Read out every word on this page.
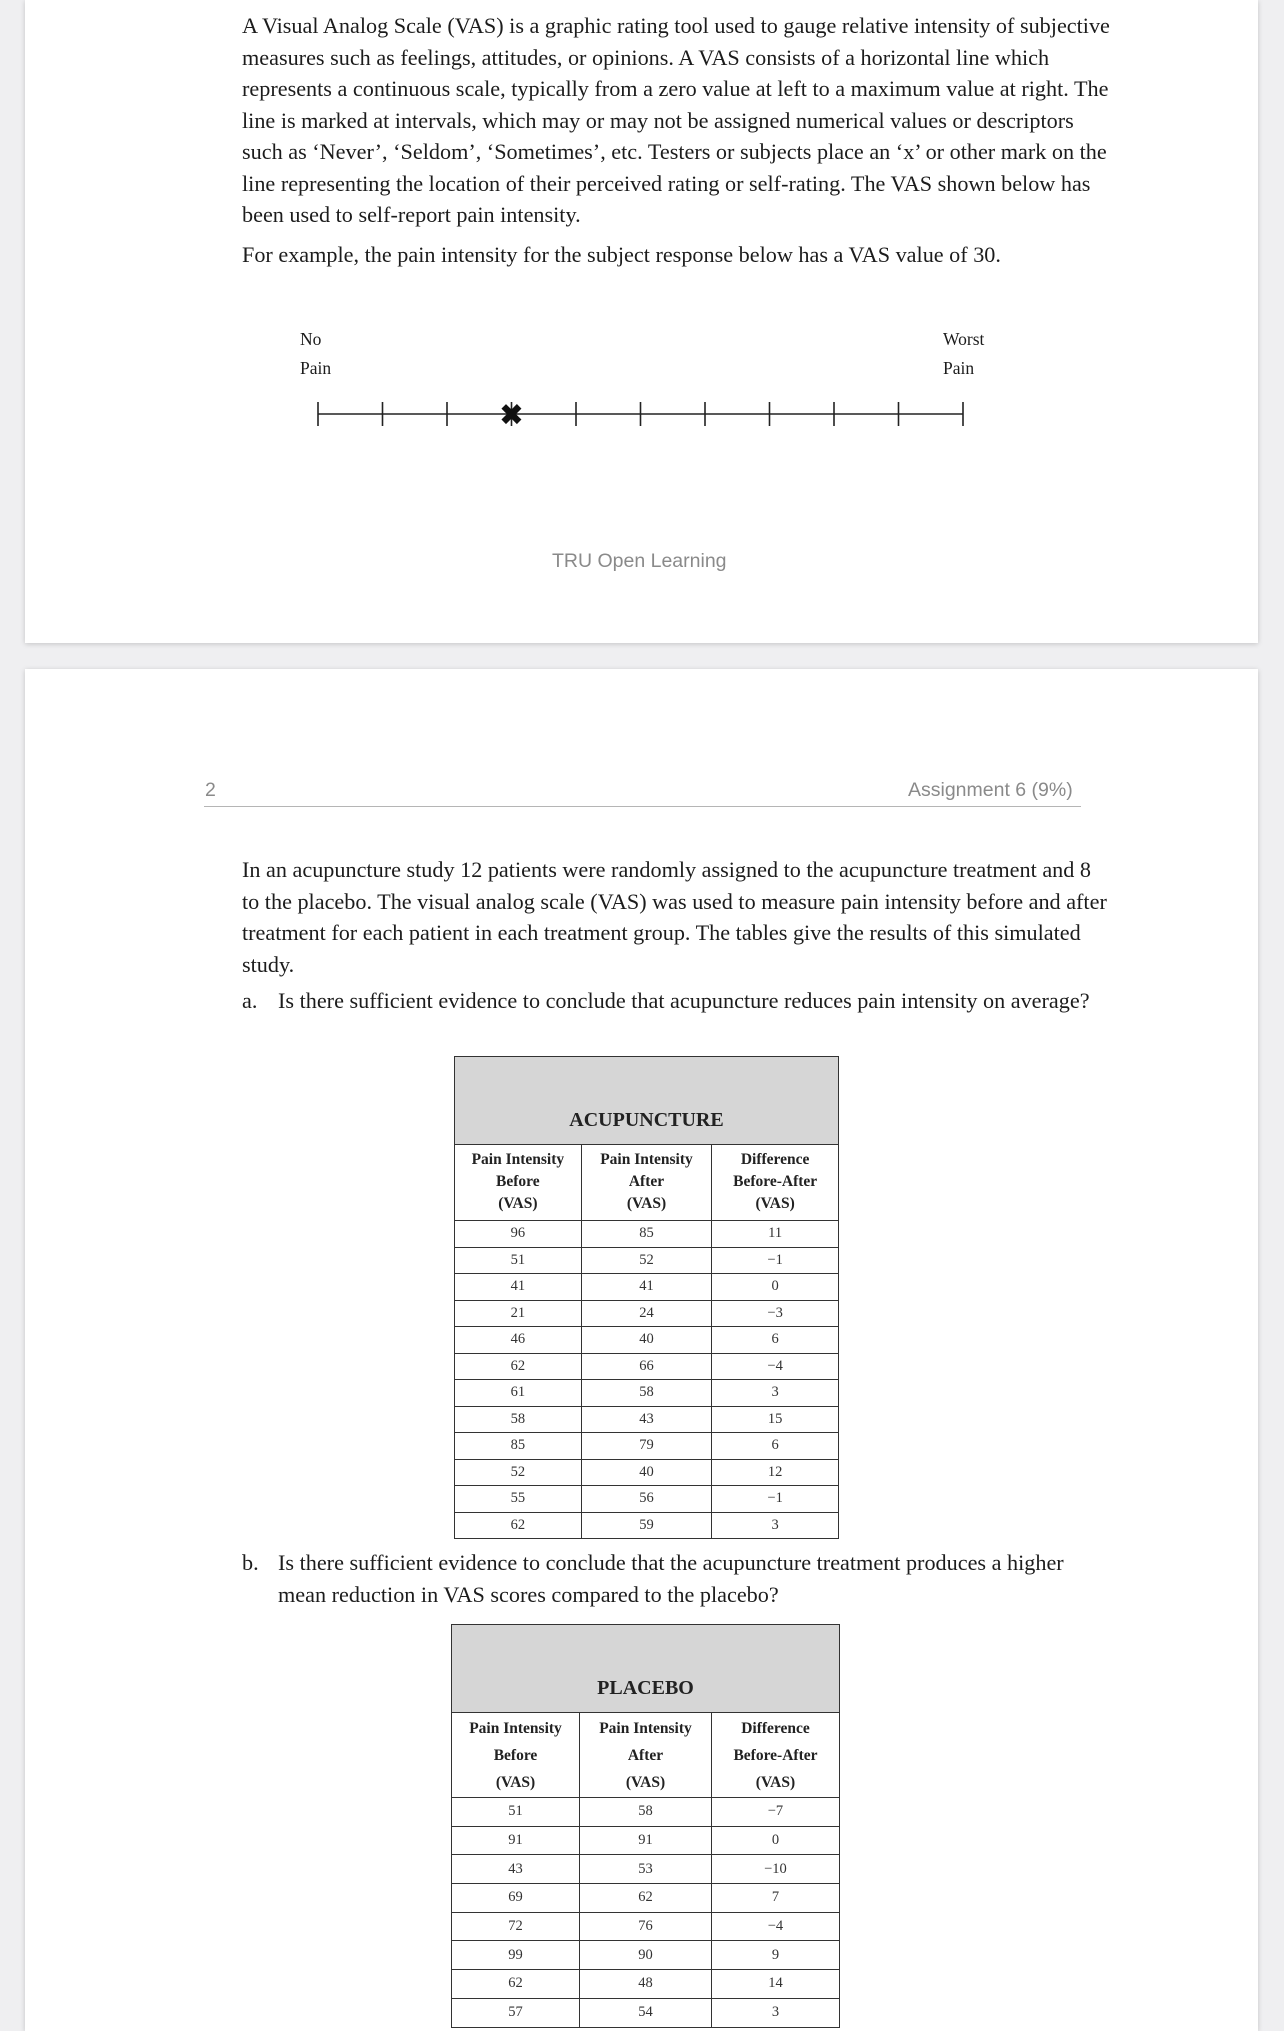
A Visual Analog Scale (VAS) is a graphic rating tool used to gauge relative intensity of subjective measures such as feelings, attitudes, or opinions. A VAS consists of a horizontal line which represents a continuous scale, typically from a zero value at left to a maximum value at right. The line is marked at intervals, which may or may not be assigned numerical values or descriptors such as ‘Never’, ‘Seldom’, ‘Sometimes’, etc. Testers or subjects place an ‘x’ or other mark on the line representing the location of their perceived rating or self-rating. The VAS shown below has been used to self-report pain intensity.

For example, the pain intensity for the subject response below has a VAS value of 30.

No
Pain
Worst
Pain
✖
TRU Open Learning
2	Assignment 6 (9%)
In an acupuncture study 12 patients were randomly assigned to the acupuncture treatment and 8 to the placebo. The visual analog scale (VAS) was used to measure pain intensity before and after treatment for each patient in each treatment group. The tables give the results of this simulated study.
a. Is there sufficient evidence to conclude that acupuncture reduces pain intensity on average?
ACUPUNCTURE		

Pain Intensity
Before
(VAS)	Pain Intensity
After
(VAS)	Difference
Before-After
(VAS)

96	85	11
51	52	−1
41	41	0
21	24	−3
46	40	6
62	66	−4
61	58	3
58	43	15
85	79	6
52	40	12
55	56	−1
62	59	3
b. Is there sufficient evidence to conclude that the acupuncture treatment produces a higher mean reduction in VAS scores compared to the placebo?
PLACEBO		

Pain Intensity
Before
(VAS)	Pain Intensity
After
(VAS)	Difference
Before-After
(VAS)

51	58	−7
91	91	0
43	53	−10
69	62	7
72	76	−4
99	90	9
62	48	14
57	54	3
